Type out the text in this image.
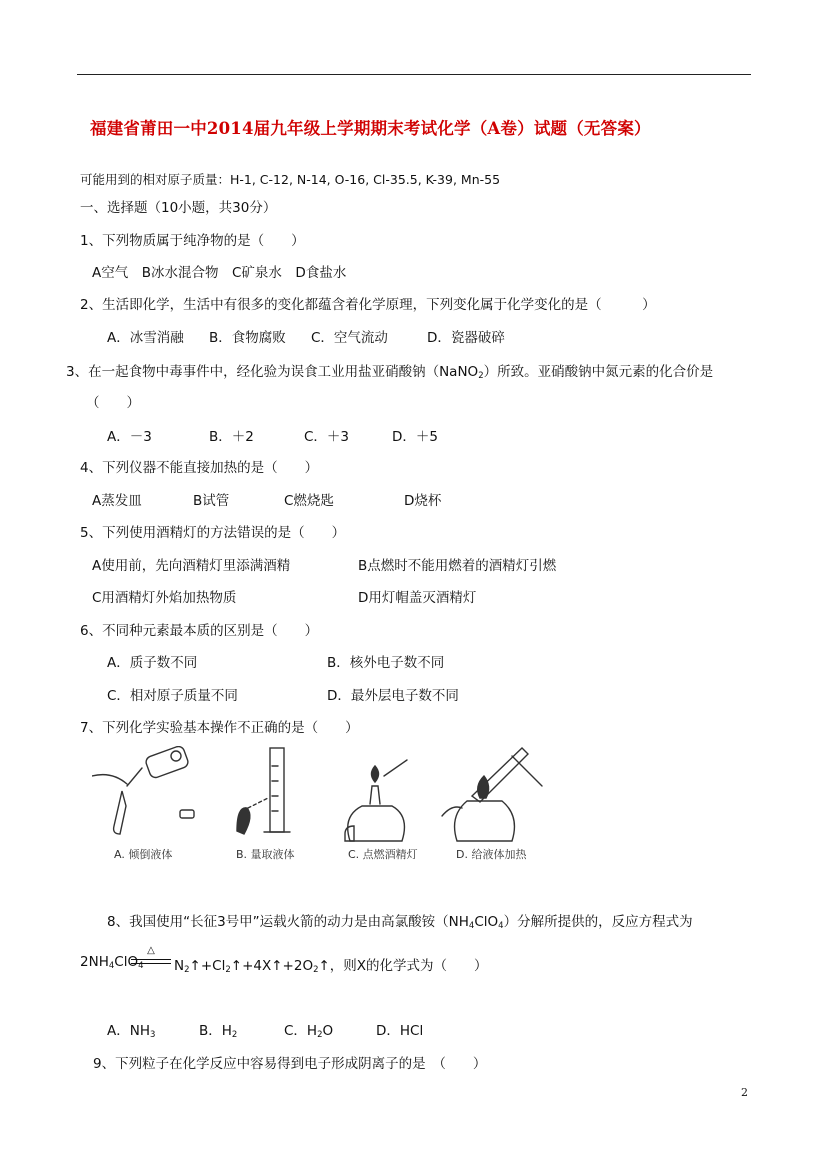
福建省莆田一中2014届九年级上学期期末考试化学（A卷）试题（无答案）
可能用到的相对原子质量：H-1, C-12, N-14, O-16, Cl-35.5, K-39, Mn-55
一、选择题（10小题，共30分）
1、下列物质属于纯净物的是（　　）
A空气　B冰水混合物　C矿泉水　D食盐水
2、生活即化学，生活中有很多的变化都蕴含着化学原理，下列变化属于化学变化的是（　　　）
A．冰雪消融 B．食物腐败 C．空气流动	D．瓷器破碎
3、在一起食物中毒事件中，经化验为误食工业用盐亚硝酸钠（NaNO$_2$）所致。亚硝酸钠中氮元素的化合价是
（　　）
A．－3	B．＋2	C．＋3	D．＋5
4、下列仪器不能直接加热的是（　　）
A蒸发皿	B试管	C燃烧匙	D烧杯
5、下列使用酒精灯的方法错误的是（　　）
A使用前，先向酒精灯里添满酒精	B点燃时不能用燃着的酒精灯引燃
C用酒精灯外焰加热物质	D用灯帽盖灭酒精灯
6、不同种元素最本质的区别是（　　）
A．质子数不同	B．核外电子数不同
C．相对原子质量不同	D．最外层电子数不同
7、下列化学实验基本操作不正确的是（　　）
A. 倾倒液体	B. 量取液体	C. 点燃酒精灯	D. 给液体加热
8、我国使用“长征3号甲”运载火箭的动力是由高氯酸铵$(NH_4ClO_4)$分解所提供的，反应方程式为
△
$2NH_4ClO_4$ $N_2↑+Cl_2↑+4X↑+2O_2↑$，则X的化学式为（　　）
A．$NH_3$	B．$H_2$	C．$H_2O$	D．HCl
9、下列粒子在化学反应中容易得到电子形成阴离子的是　（　　）
2
